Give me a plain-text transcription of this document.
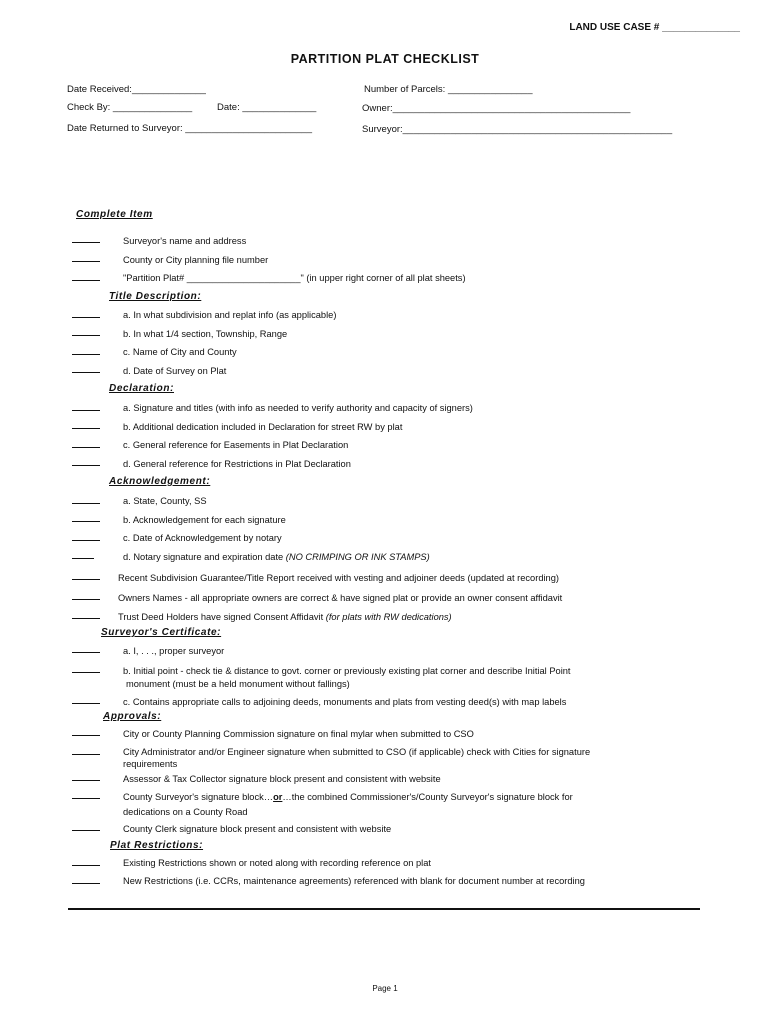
LAND USE CASE # ______________
PARTITION PLAT CHECKLIST
Date Received:______________	Number of Parcels: ________________
Check By: _______________	Date: ______________	Owner:_____________________________________________
Date Returned to Surveyor: ________________________	Surveyor:___________________________________________________
Complete Item
Surveyor's name and address
County or City planning file number
"Partition Plat# ______________________" (in upper right corner of all plat sheets)
Title Description:
a. In what subdivision and replat info (as applicable)
b. In what 1/4 section, Township, Range
c. Name of City and County
d. Date of Survey on Plat
Declaration:
a. Signature and titles (with info as needed to verify authority and capacity of signers)
b. Additional dedication included in Declaration for street RW by plat
c. General reference for Easements in Plat Declaration
d. General reference for Restrictions in Plat Declaration
Acknowledgement:
a. State, County, SS
b. Acknowledgement for each signature
c. Date of Acknowledgement by notary
d. Notary signature and expiration date (NO CRIMPING OR INK STAMPS)
Recent Subdivision Guarantee/Title Report received with vesting and adjoiner deeds (updated at recording)
Owners Names - all appropriate owners are correct & have signed plat or provide an owner consent affidavit
Trust Deed Holders have signed Consent Affidavit (for plats with RW dedications)
Surveyor's Certificate:
a. I, . . ., proper surveyor
b. Initial point - check tie & distance to govt. corner or previously existing plat corner and describe Initial Point
monument (must be a held monument without fallings)
c. Contains appropriate calls to adjoining deeds, monuments and plats from vesting deed(s) with map labels
Approvals:
City or County Planning Commission signature on final mylar when submitted to CSO
City Administrator and/or Engineer signature when submitted to CSO (if applicable) check with Cities for signature
requirements
Assessor & Tax Collector signature block present and consistent with website
County Surveyor's signature block…or…the combined Commissioner's/County Surveyor's signature block for
dedications on a County Road
County Clerk signature block present and consistent with website
Plat Restrictions:
Existing Restrictions shown or noted along with recording reference on plat
New Restrictions (i.e. CCRs, maintenance agreements) referenced with blank for document number at recording
Page 1
